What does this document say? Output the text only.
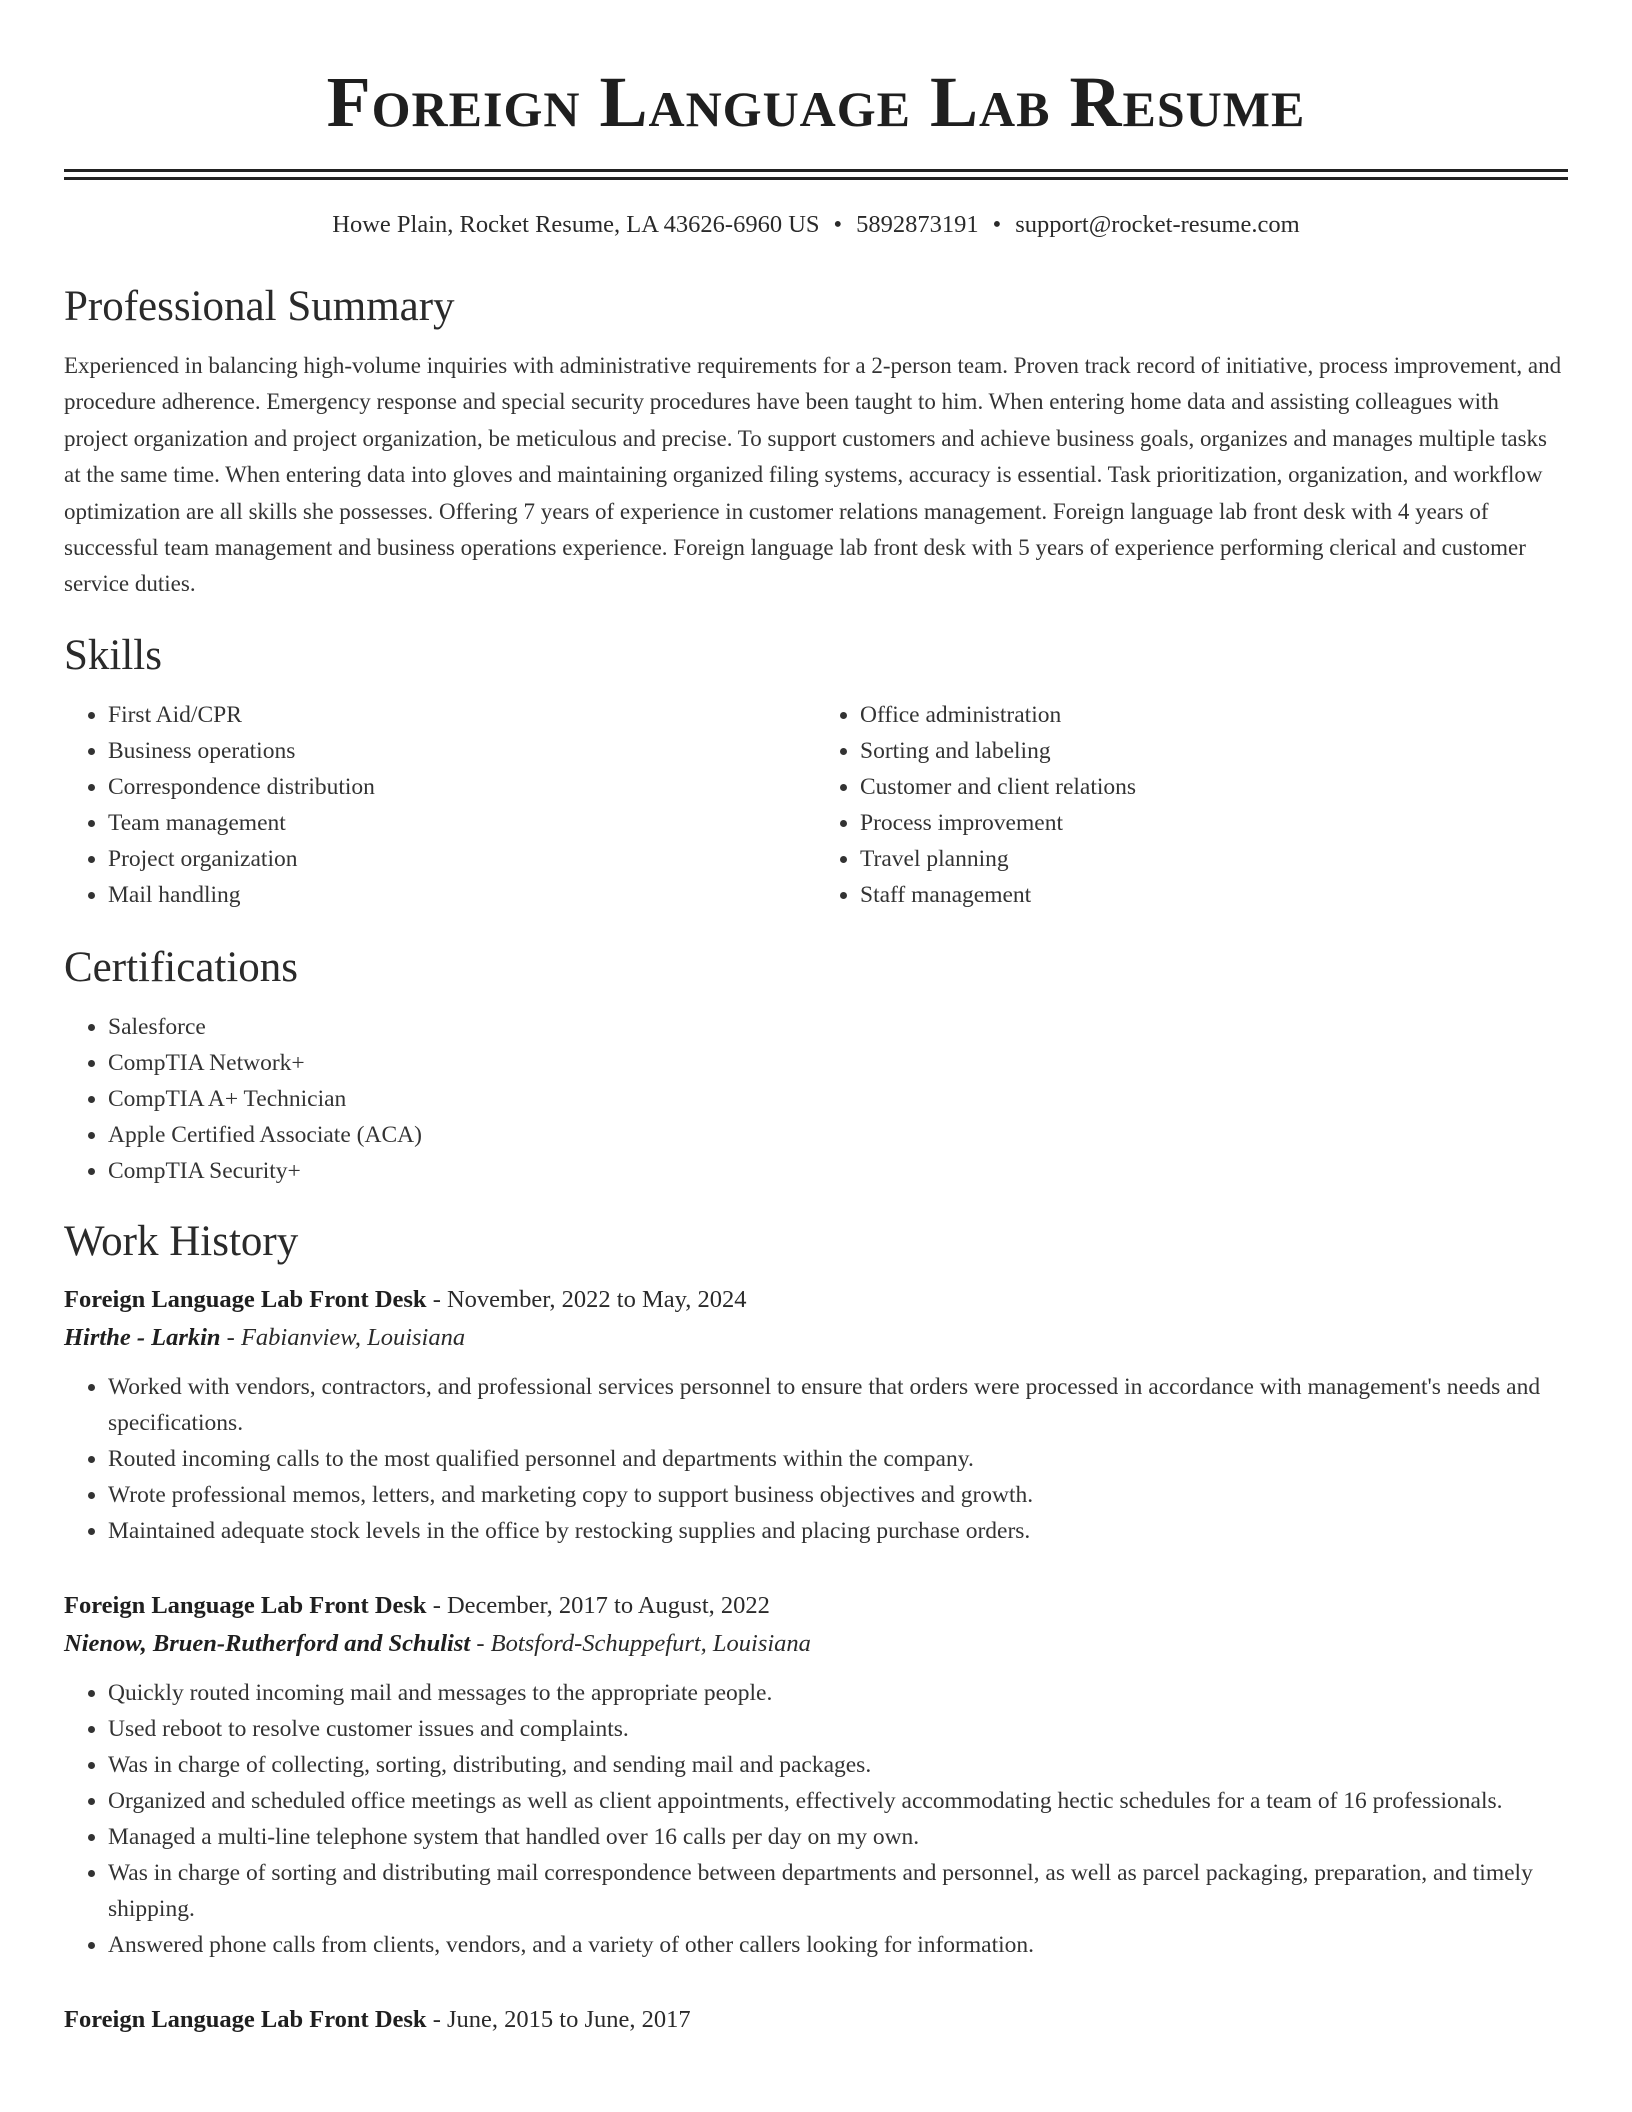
Foreign Language Lab Resume
Howe Plain, Rocket Resume, LA 43626-6960 US • 5892873191 • support@rocket-resume.com
Professional Summary

Experienced in balancing high-volume inquiries with administrative requirements for a 2-person team. Proven track record of initiative, process improvement, and procedure adherence. Emergency response and special security procedures have been taught to him. When entering home data and assisting colleagues with project organization and project organization, be meticulous and precise. To support customers and achieve business goals, organizes and manages multiple tasks at the same time. When entering data into gloves and maintaining organized filing systems, accuracy is essential. Task prioritization, organization, and workflow optimization are all skills she possesses. Offering 7 years of experience in customer relations management. Foreign language lab front desk with 4 years of successful team management and business operations experience. Foreign language lab front desk with 5 years of experience performing clerical and customer service duties.

Skills
• First Aid/CPR
• Business operations
• Correspondence distribution
• Team management
• Project organization
• Mail handling
• Office administration
• Sorting and labeling
• Customer and client relations
• Process improvement
• Travel planning
• Staff management
Certifications
• Salesforce
• CompTIA Network+
• CompTIA A+ Technician
• Apple Certified Associate (ACA)
• CompTIA Security+
Work History
Foreign Language Lab Front Desk - November, 2022 to May, 2024
Hirthe - Larkin - Fabianview, Louisiana
• Worked with vendors, contractors, and professional services personnel to ensure that orders were processed in accordance with management's needs and specifications.
• Routed incoming calls to the most qualified personnel and departments within the company.
• Wrote professional memos, letters, and marketing copy to support business objectives and growth.
• Maintained adequate stock levels in the office by restocking supplies and placing purchase orders.
Foreign Language Lab Front Desk - December, 2017 to August, 2022
Nienow, Bruen-Rutherford and Schulist - Botsford-Schuppefurt, Louisiana
• Quickly routed incoming mail and messages to the appropriate people.
• Used reboot to resolve customer issues and complaints.
• Was in charge of collecting, sorting, distributing, and sending mail and packages.
• Organized and scheduled office meetings as well as client appointments, effectively accommodating hectic schedules for a team of 16 professionals.
• Managed a multi-line telephone system that handled over 16 calls per day on my own.
• Was in charge of sorting and distributing mail correspondence between departments and personnel, as well as parcel packaging, preparation, and timely shipping.
• Answered phone calls from clients, vendors, and a variety of other callers looking for information.
Foreign Language Lab Front Desk - June, 2015 to June, 2017
